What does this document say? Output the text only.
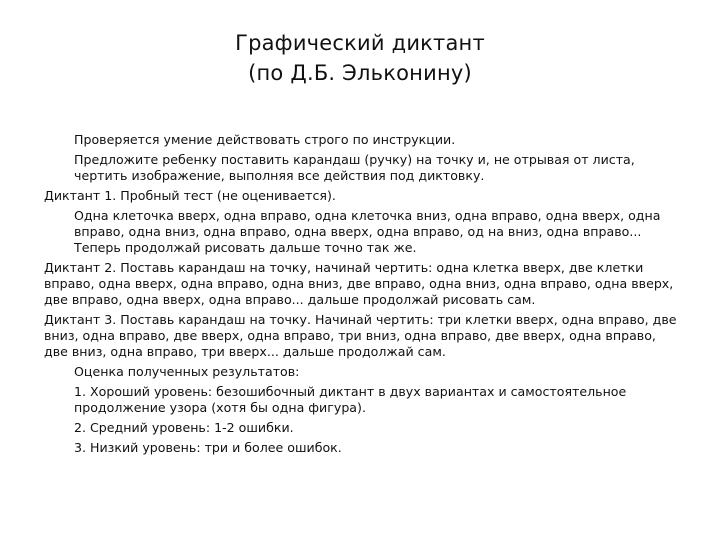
Графический диктант
(по Д.Б. Эльконину)

Проверяется умение действовать строго по инструкции.

Предложите ребенку поставить карандаш (ручку) на точку и, не отрывая от листа, чертить изображение, выполняя все действия под диктовку.

Диктант 1. Пробный тест (не оценивается).

Одна клеточка вверх, одна вправо, одна клеточка вниз, одна вправо, одна вверх, одна вправо, одна вниз, одна вправо, одна вверх, одна вправо, од на вниз, одна вправо... Теперь продолжай рисовать дальше точно так же.

Диктант 2. Поставь карандаш на точку, начинай чертить: одна клетка вверх, две клетки вправо, одна вверх, одна вправо, одна вниз, две вправо, одна вниз, одна вправо, одна вверх, две вправо, одна вверх, одна вправо... дальше продолжай рисовать сам.

Диктант 3. Поставь карандаш на точку. Начинай чертить: три клетки вверх, одна вправо, две вниз, одна вправо, две вверх, одна вправо, три вниз, одна вправо, две вверх, одна вправо, две вниз, одна вправо, три вверх... дальше продолжай сам.

Оценка полученных результатов:

1. Хороший уровень: безошибочный диктант в двух вариантах и самостоятельное продолжение узора (хотя бы одна фигура).

2. Средний уровень: 1-2 ошибки.

3. Низкий уровень: три и более ошибок.
